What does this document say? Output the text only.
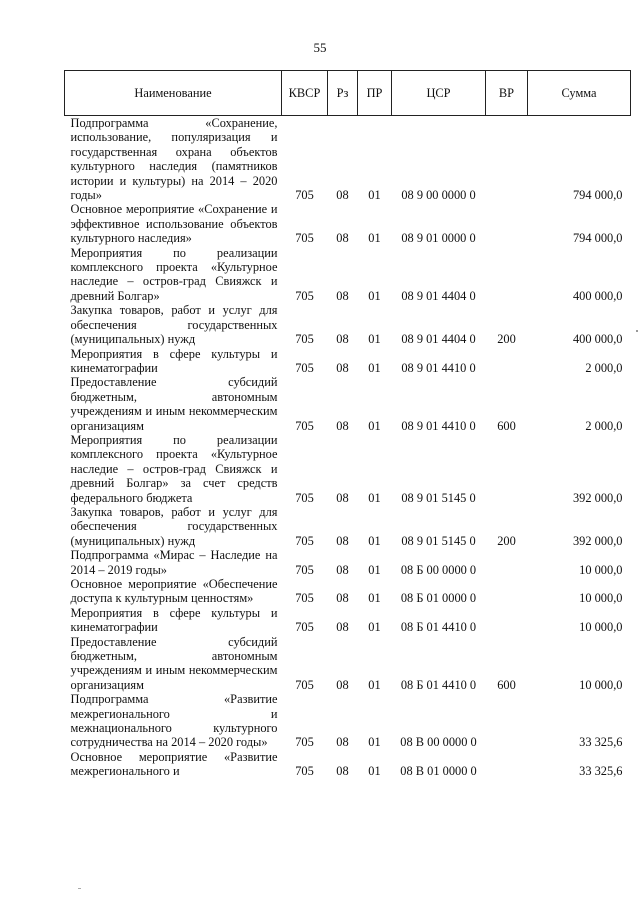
55
Наименование	КВСР	Рз	ПР	ЦСР	ВР	Сумма
Подпрограмма «Сохранение, использование, популяризация и государственная охрана объектов культурного наследия (памятников истории и культуры) на 2014 – 2020 годы»	705	08	01	08 9 00 0000 0		794 000,0
Основное мероприятие «Сохранение и эффективное использование объектов культурного наследия»	705	08	01	08 9 01 0000 0		794 000,0
Мероприятия по реализации комплексного проекта «Культурное наследие – остров-град Свияжск и древний Болгар»	705	08	01	08 9 01 4404 0		400 000,0
Закупка товаров, работ и услуг для обеспечения государственных (муниципальных) нужд	705	08	01	08 9 01 4404 0	200	400 000,0
Мероприятия в сфере культуры и кинематографии	705	08	01	08 9 01 4410 0		2 000,0
Предоставление субсидий бюджетным, автономным учреждениям и иным некоммерческим организациям	705	08	01	08 9 01 4410 0	600	2 000,0
Мероприятия по реализации комплексного проекта «Культурное наследие – остров-град Свияжск и древний Болгар» за счет средств федерального бюджета	705	08	01	08 9 01 5145 0		392 000,0
Закупка товаров, работ и услуг для обеспечения государственных (муниципальных) нужд	705	08	01	08 9 01 5145 0	200	392 000,0
Подпрограмма «Мирас – Наследие на 2014 – 2019 годы»	705	08	01	08 Б 00 0000 0		10 000,0
Основное мероприятие «Обеспечение доступа к культурным ценностям»	705	08	01	08 Б 01 0000 0		10 000,0
Мероприятия в сфере культуры и кинематографии	705	08	01	08 Б 01 4410 0		10 000,0
Предоставление субсидий бюджетным, автономным учреждениям и иным некоммерческим организациям	705	08	01	08 Б 01 4410 0	600	10 000,0
Подпрограмма «Развитие межрегионального и межнационального культурного сотрудничества на 2014 – 2020 годы»	705	08	01	08 В 00 0000 0		33 325,6
Основное мероприятие «Развитие межрегионального и	705	08	01	08 В 01 0000 0		33 325,6
